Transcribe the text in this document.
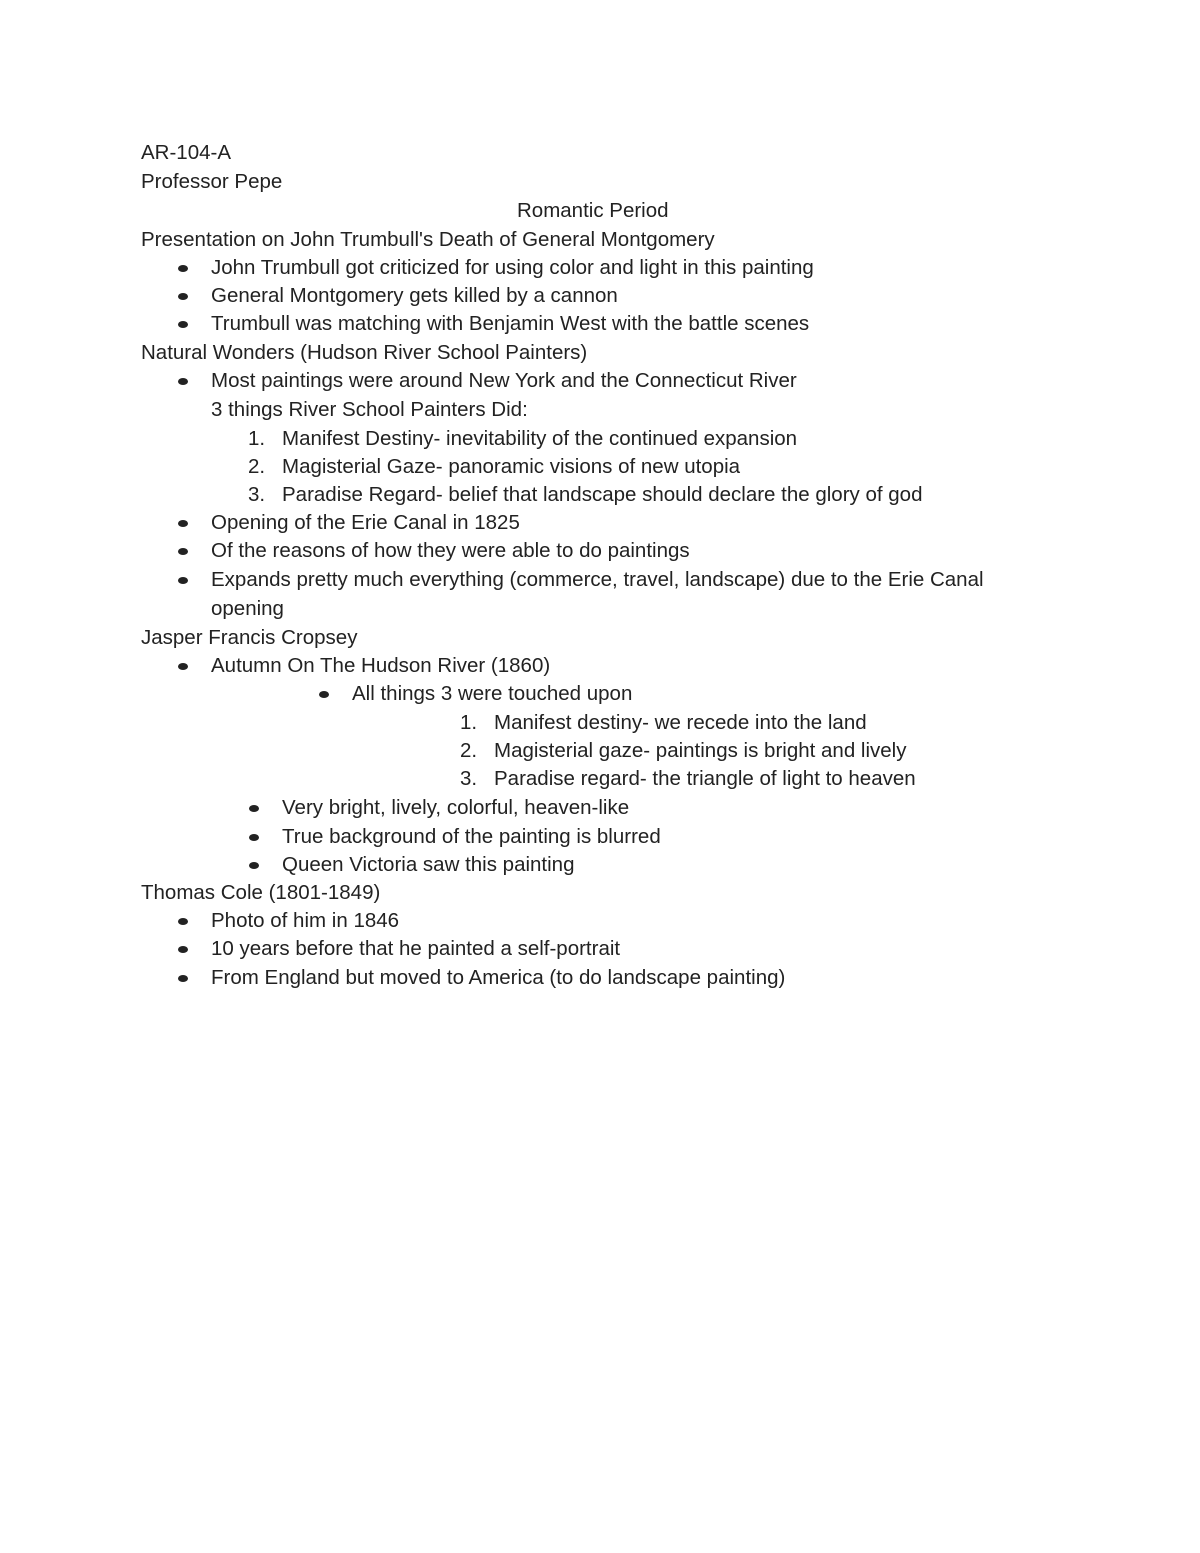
AR-104-A
Professor Pepe
Romantic Period
Presentation on John Trumbull's Death of General Montgomery
John Trumbull got criticized for using color and light in this painting
General Montgomery gets killed by a cannon
Trumbull was matching with Benjamin West with the battle scenes
Natural Wonders (Hudson River School Painters)
Most paintings were around New York and the Connecticut River
3 things River School Painters Did:
1. Manifest Destiny- inevitability of the continued expansion
2. Magisterial Gaze- panoramic visions of new utopia
3. Paradise Regard- belief that landscape should declare the glory of god
Opening of the Erie Canal in 1825
Of the reasons of how they were able to do paintings
Expands pretty much everything (commerce, travel, landscape) due to the Erie Canal
opening
Jasper Francis Cropsey
Autumn On The Hudson River (1860)
All things 3 were touched upon
1. Manifest destiny- we recede into the land
2. Magisterial gaze- paintings is bright and lively
3. Paradise regard- the triangle of light to heaven
Very bright, lively, colorful, heaven-like
True background of the painting is blurred
Queen Victoria saw this painting
Thomas Cole (1801-1849)
Photo of him in 1846
10 years before that he painted a self-portrait
From England but moved to America (to do landscape painting)
